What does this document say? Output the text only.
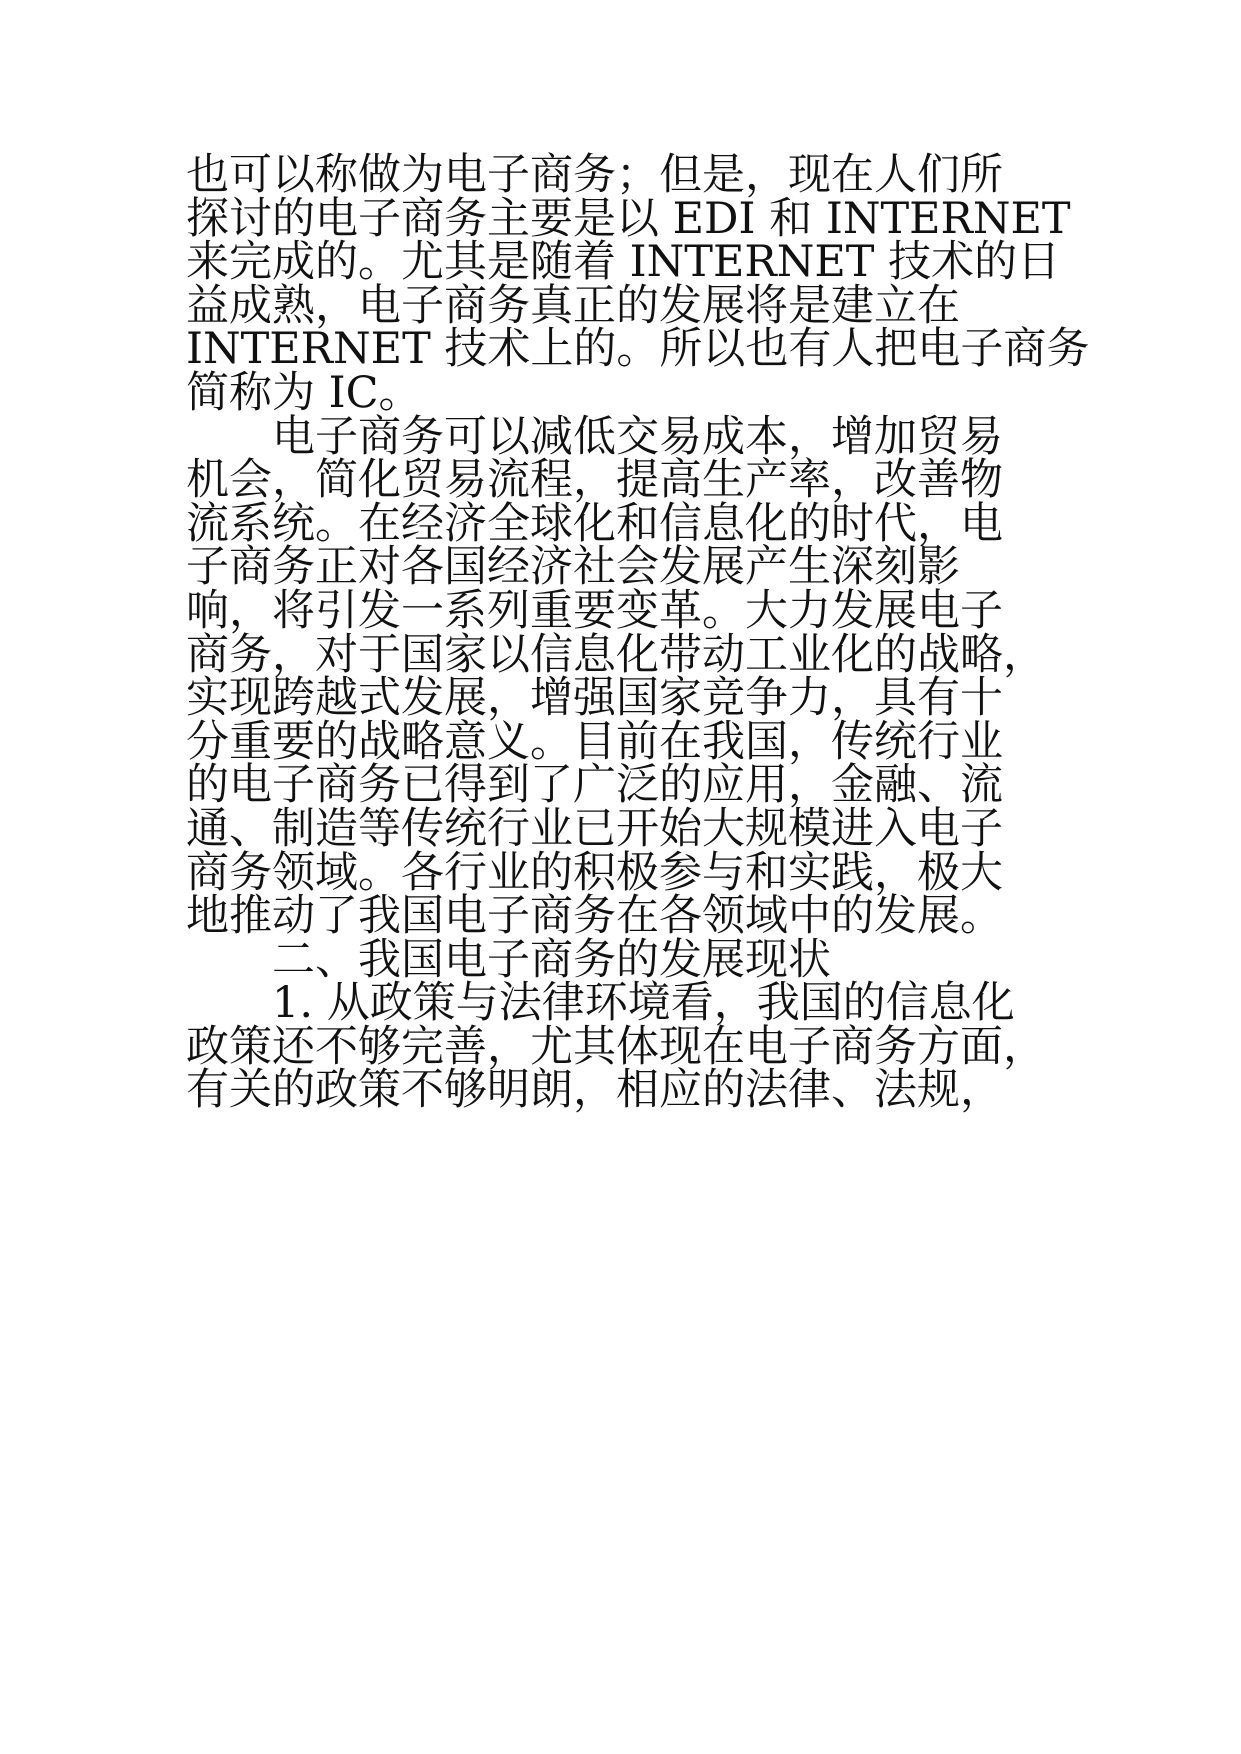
也可以称做为电子商务；但是，现在人们所
探讨的电子商务主要是以 EDI 和 INTERNET
来完成的。尤其是随着 INTERNET 技术的日
益成熟，电子商务真正的发展将是建立在
INTERNET 技术上的。所以也有人把电子商务
简称为 IC。
　　电子商务可以减低交易成本，增加贸易
机会，简化贸易流程，提高生产率，改善物
流系统。在经济全球化和信息化的时代，电
子商务正对各国经济社会发展产生深刻影
响，将引发一系列重要变革。大力发展电子
商务，对于国家以信息化带动工业化的战略，
实现跨越式发展，增强国家竞争力，具有十
分重要的战略意义。目前在我国，传统行业
的电子商务已得到了广泛的应用，金融、流
通、制造等传统行业已开始大规模进入电子
商务领域。各行业的积极参与和实践，极大
地推动了我国电子商务在各领域中的发展。
　　二、我国电子商务的发展现状
　　1. 从政策与法律环境看，我国的信息化
政策还不够完善，尤其体现在电子商务方面，
有关的政策不够明朗，相应的法律、法规，
